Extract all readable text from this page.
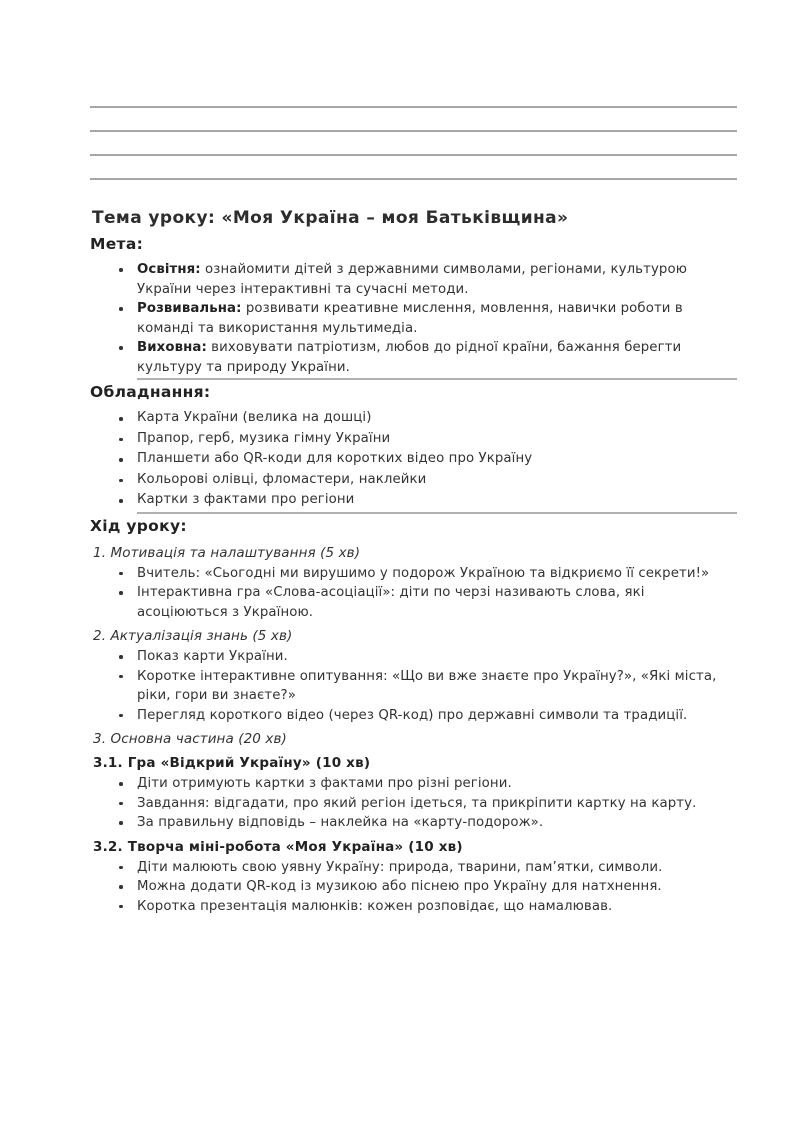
Тема уроку: «Моя Україна – моя Батьківщина»
Мета:
Освітня: ознайомити дітей з державними символами, регіонами, культурою України через інтерактивні та сучасні методи.
Розвивальна: розвивати креативне мислення, мовлення, навички роботи в команді та використання мультимедіа.
Виховна: виховувати патріотизм, любов до рідної країни, бажання берегти культуру та природу України.
Обладнання:
Карта України (велика на дошці)
Прапор, герб, музика гімну України
Планшети або QR-коди для коротких відео про Україну
Кольорові олівці, фломастери, наклейки
Картки з фактами про регіони
Хід уроку:
1. Мотивація та налаштування (5 хв)
Вчитель: «Сьогодні ми вирушимо у подорож Україною та відкриємо її секрети!»
Інтерактивна гра «Слова-асоціації»: діти по черзі називають слова, які асоціюються з Україною.
2. Актуалізація знань (5 хв)
Показ карти України.
Коротке інтерактивне опитування: «Що ви вже знаєте про Україну?», «Які міста, ріки, гори ви знаєте?»
Перегляд короткого відео (через QR-код) про державні символи та традиції.
3. Основна частина (20 хв)
3.1. Гра «Відкрий Україну» (10 хв)
Діти отримують картки з фактами про різні регіони.
Завдання: відгадати, про який регіон ідеться, та прикріпити картку на карту.
За правильну відповідь – наклейка на «карту-подорож».
3.2. Творча міні-робота «Моя Україна» (10 хв)
Діти малюють свою уявну Україну: природа, тварини, пам’ятки, символи.
Можна додати QR-код із музикою або піснею про Україну для натхнення.
Коротка презентація малюнків: кожен розповідає, що намалював.
